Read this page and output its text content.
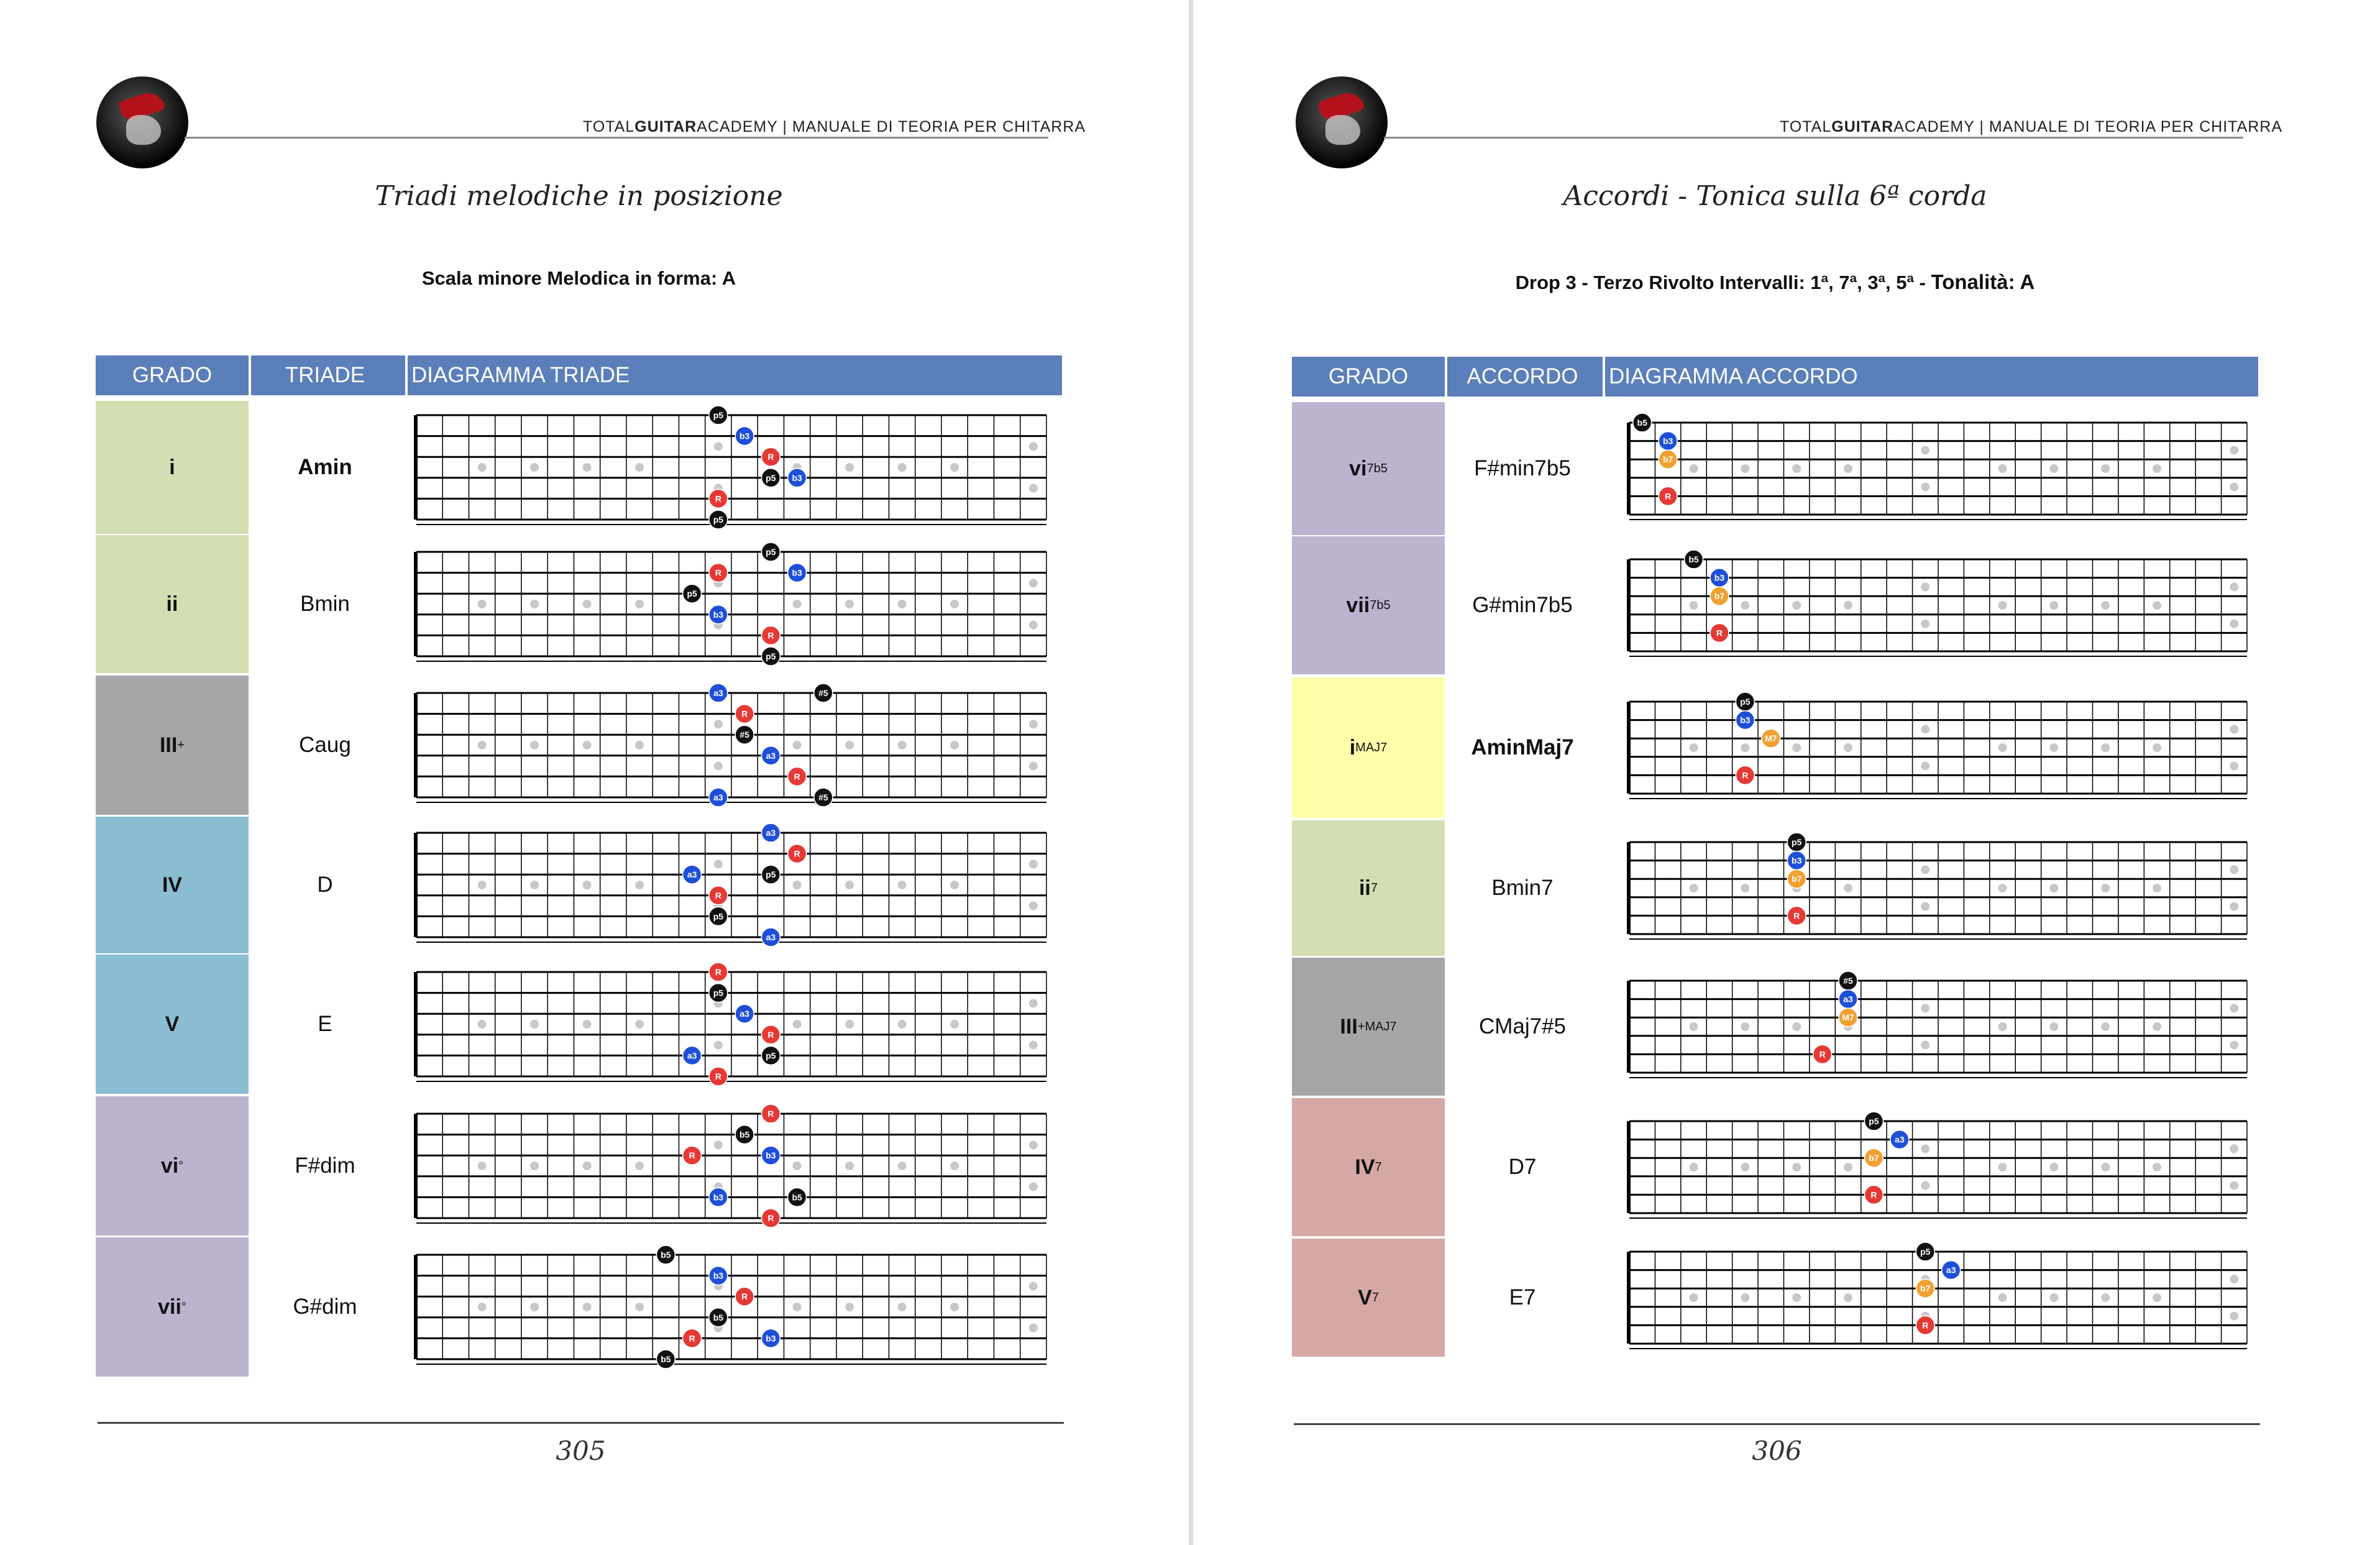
TOTALGUITARACADEMY | MANUALE DI TEORIA PER CHITARRA
Triadi melodiche in posizione
Scala minore Melodica in forma: A
GRADO	TRIADE	DIAGRAMMA TRIADE
i	Amin
p5
b3
R
p5 b3
R
p5
ii	Bmin
p5
R	b3
p5
b3
R
p5
III +	Caug
a3	#5
R
#5
a3
R
a3	#5
IV	D
a3
R
a3	p5
R
p5
a3
V	E
R
p5
a3
R
a3	p5
R
vi °	F#dim
R
b5
R	b3
b3	b5
R
vii °	G#dim
b5
b3
R
b5
R	b3
b5
305
TOTALGUITARACADEMY | MANUALE DI TEORIA PER CHITARRA
Accordi - Tonica sulla 6ª corda
Drop 3 - Terzo Rivolto Intervalli: 1ª, 7ª, 3ª, 5ª - Tonalità: A
GRADO	ACCORDO	DIAGRAMMA ACCORDO
vi 7b5	F#min7b5
b5
b3
b7
R
vii 7b5	G#min7b5
b5
b3
b7
R
i MAJ7	AminMaj7
p5
b3
M7
R
ii 7	Bmin7
p5
b3
b7
R
III +MAJ7	CMaj7#5
#5
a3
M7
R
IV 7	D7
p5
a3
b7
R
V 7	E7
p5
a3
b7
R
306
